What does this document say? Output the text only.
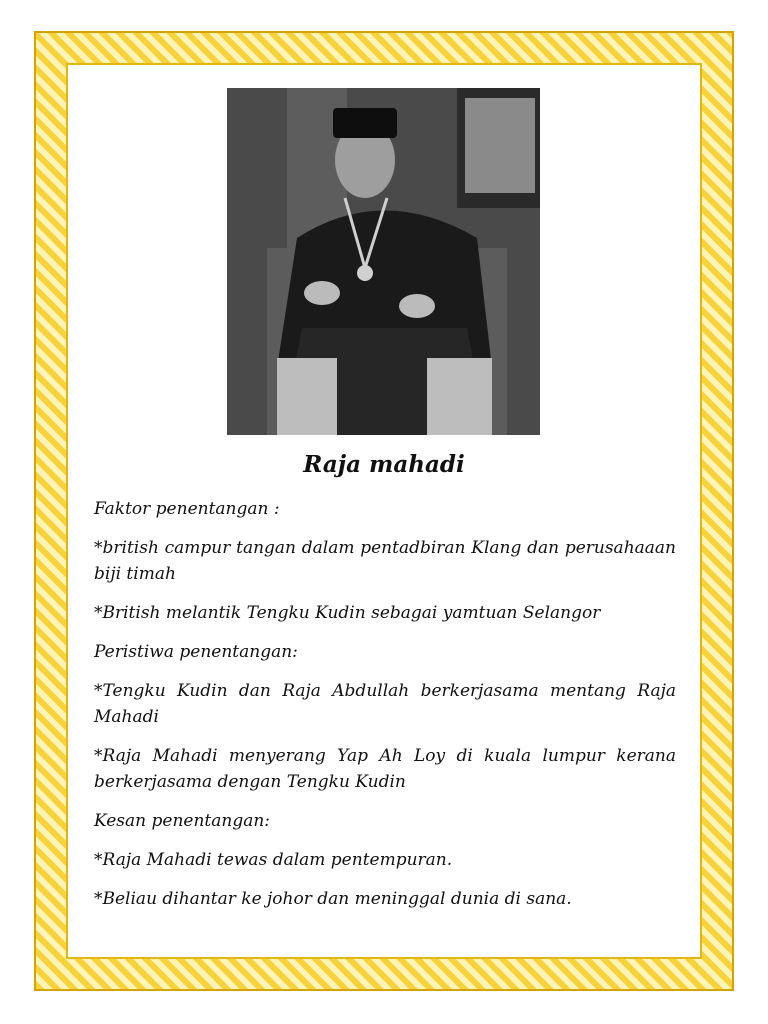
Raja mahadi

Faktor penentangan :

*british campur tangan dalam pentadbiran Klang dan perusahaaan biji timah

*British melantik Tengku Kudin sebagai yamtuan Selangor

Peristiwa penentangan:

*Tengku Kudin dan Raja Abdullah berkerjasama mentang Raja Mahadi

*Raja Mahadi menyerang Yap Ah Loy di kuala lumpur kerana berkerjasama dengan Tengku Kudin

Kesan penentangan:

*Raja Mahadi tewas dalam pentempuran.

*Beliau dihantar ke johor dan meninggal dunia di sana.
